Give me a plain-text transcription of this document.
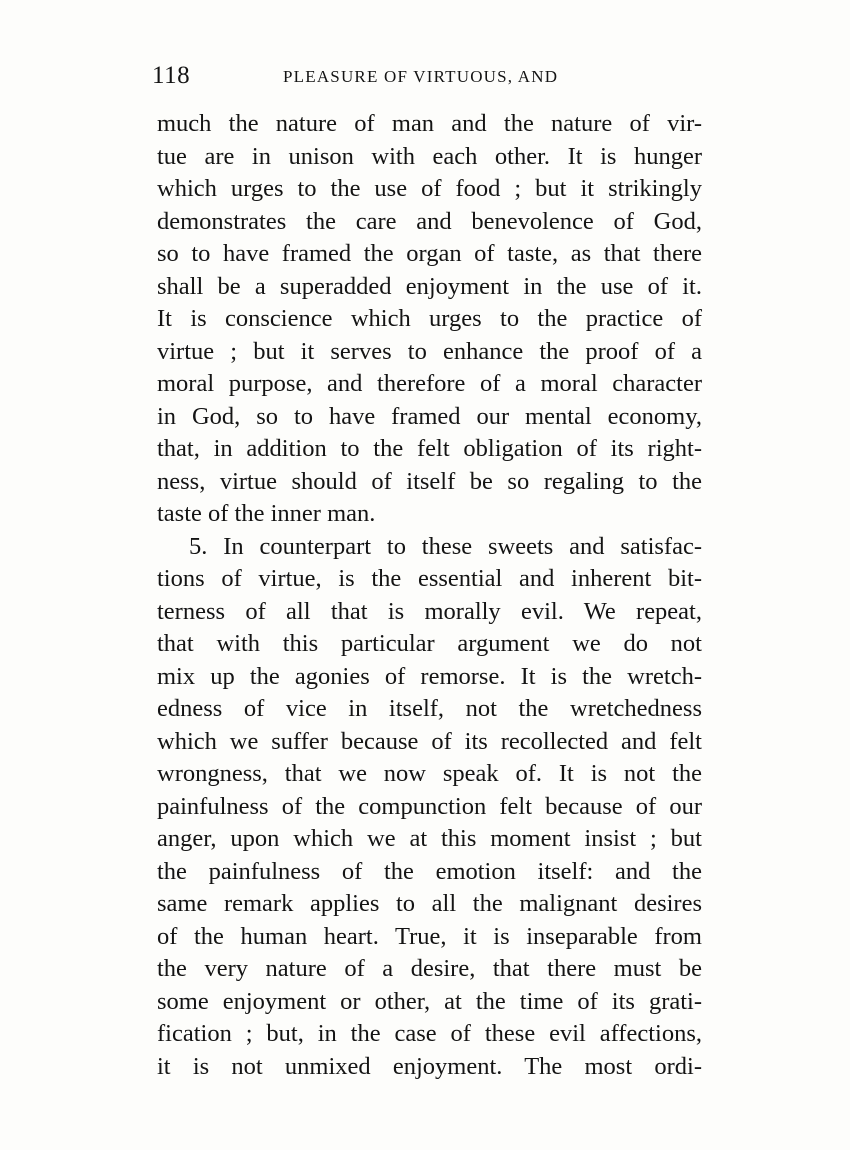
118	PLEASURE OF VIRTUOUS, AND
much the nature of man and the nature of vir-
tue are in unison with each other. It is hunger
which urges to the use of food ; but it strikingly
demonstrates the care and benevolence of God,
so to have framed the organ of taste, as that there
shall be a superadded enjoyment in the use of it.
It is conscience which urges to the practice of
virtue ; but it serves to enhance the proof of a
moral purpose, and therefore of a moral character
in God, so to have framed our mental economy,
that, in addition to the felt obligation of its right-
ness, virtue should of itself be so regaling to the
taste of the inner man.
5. In counterpart to these sweets and satisfac-
tions of virtue, is the essential and inherent bit-
terness of all that is morally evil. We repeat,
that with this particular argument we do not
mix up the agonies of remorse. It is the wretch-
edness of vice in itself, not the wretchedness
which we suffer because of its recollected and felt
wrongness, that we now speak of. It is not the
painfulness of the compunction felt because of our
anger, upon which we at this moment insist ; but
the painfulness of the emotion itself: and the
same remark applies to all the malignant desires
of the human heart. True, it is inseparable from
the very nature of a desire, that there must be
some enjoyment or other, at the time of its grati-
fication ; but, in the case of these evil affections,
it is not unmixed enjoyment. The most ordi-
